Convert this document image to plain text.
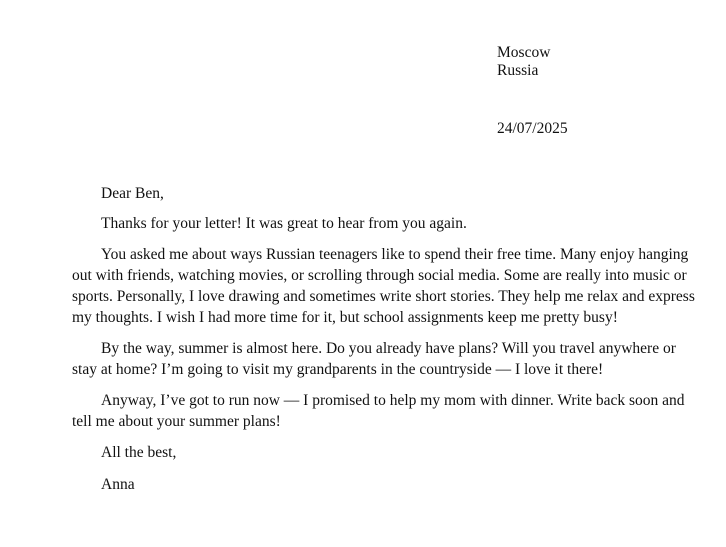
Moscow
Russia
24/07/2025

Dear Ben,

Thanks for your letter! It was great to hear from you again.

You asked me about ways Russian teenagers like to spend their free time. Many enjoy hanging out with friends, watching movies, or scrolling through social media. Some are really into music or sports. Personally, I love drawing and sometimes write short stories. They help me relax and express my thoughts. I wish I had more time for it, but school assignments keep me pretty busy!

By the way, summer is almost here. Do you already have plans? Will you travel anywhere or stay at home? I’m going to visit my grandparents in the countryside — I love it there!

Anyway, I’ve got to run now — I promised to help my mom with dinner. Write back soon and tell me about your summer plans!

All the best,

Anna
